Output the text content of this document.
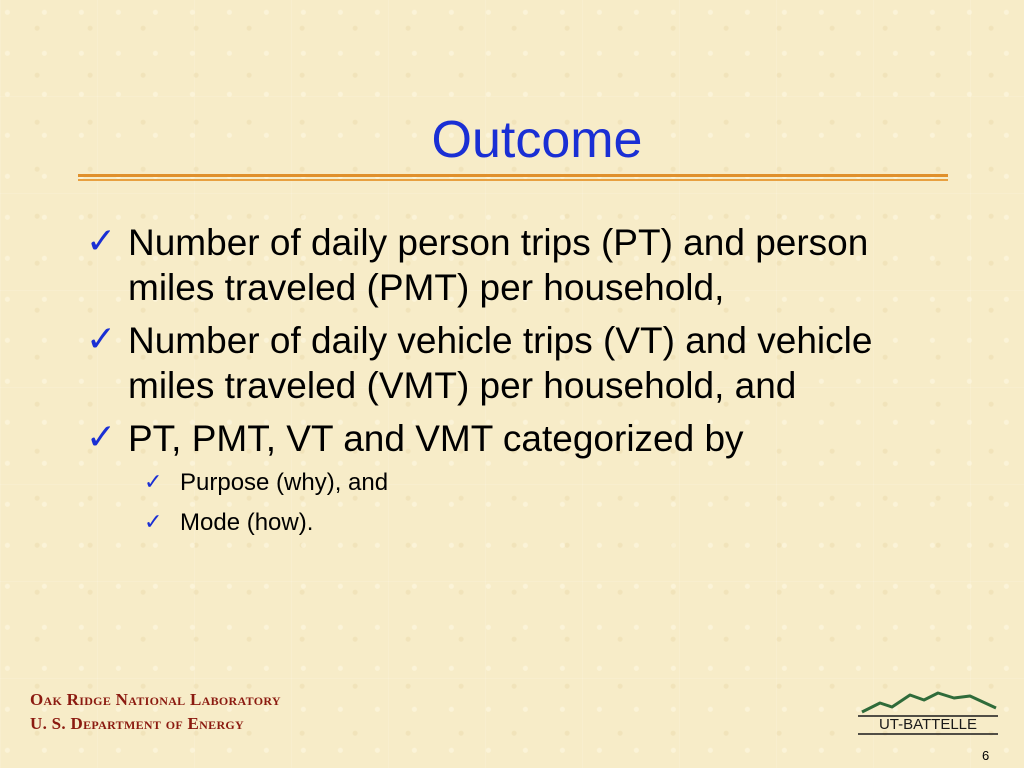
Outcome
✓ Number of daily person trips (PT) and person miles traveled (PMT) per household,
✓ Number of daily vehicle trips (VT) and vehicle miles traveled (VMT) per household, and
✓ PT, PMT, VT and VMT categorized by
✓ Purpose (why), and
✓ Mode (how).
Oak Ridge National Laboratory
U. S. Department of Energy	UT-BATTELLE
6
